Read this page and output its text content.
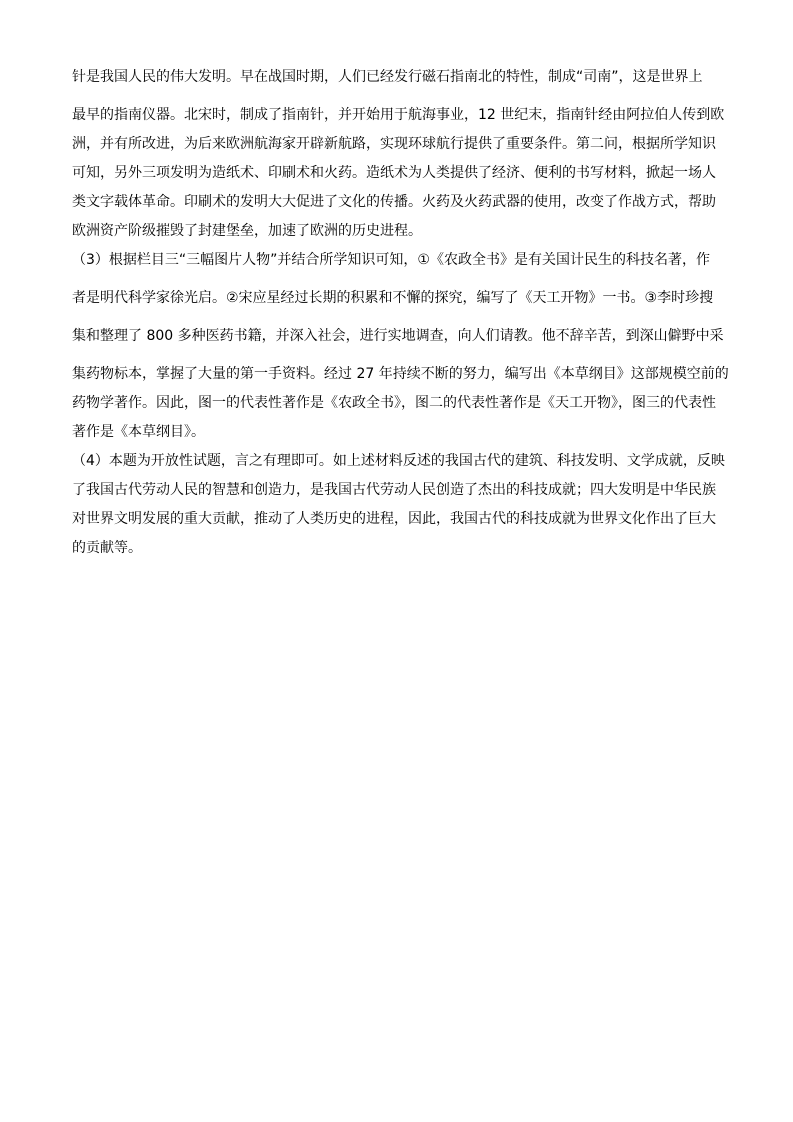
针是我国人民的伟大发明。早在战国时期，人们已经发行磁石指南北的特性，制成“司南”，这是世界上
最早的指南仪器。北宋时，制成了指南针，并开始用于航海事业，12 世纪末，指南针经由阿拉伯人传到欧
洲，并有所改进，为后来欧洲航海家开辟新航路，实现环球航行提供了重要条件。第二问，根据所学知识
可知，另外三项发明为造纸术、印刷术和火药。造纸术为人类提供了经济、便利的书写材料，掀起一场人
类文字载体革命。印刷术的发明大大促进了文化的传播。火药及火药武器的使用，改变了作战方式，帮助
欧洲资产阶级摧毁了封建堡垒，加速了欧洲的历史进程。
（3）根据栏目三“三幅图片人物”并结合所学知识可知，①《农政全书》是有关国计民生的科技名著，作
者是明代科学家徐光启。②宋应星经过长期的积累和不懈的探究，编写了《天工开物》一书。③李时珍搜
集和整理了 800 多种医药书籍，并深入社会，进行实地调查，向人们请教。他不辞辛苦，到深山僻野中采
集药物标本，掌握了大量的第一手资料。经过 27 年持续不断的努力，编写出《本草纲目》这部规模空前的
药物学著作。因此，图一的代表性著作是《农政全书》，图二的代表性著作是《天工开物》，图三的代表性
著作是《本草纲目》。
（4）本题为开放性试题，言之有理即可。如上述材料反述的我国古代的建筑、科技发明、文学成就，反映
了我国古代劳动人民的智慧和创造力，是我国古代劳动人民创造了杰出的科技成就；四大发明是中华民族
对世界文明发展的重大贡献，推动了人类历史的进程，因此，我国古代的科技成就为世界文化作出了巨大
的贡献等。
